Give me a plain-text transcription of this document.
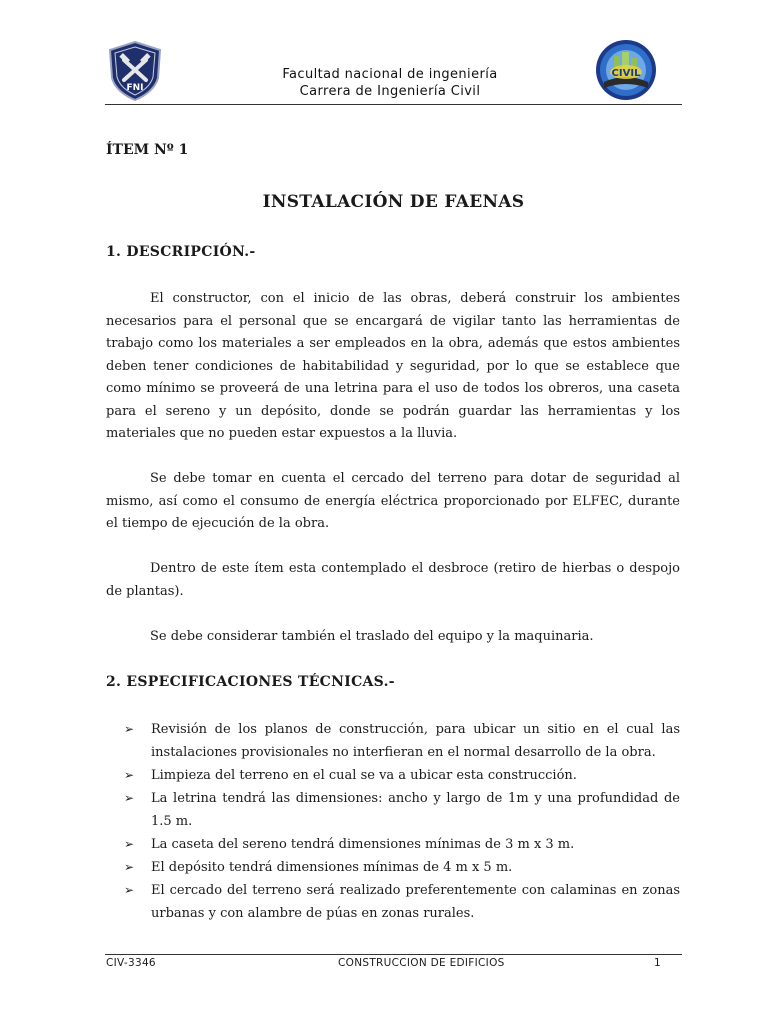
FNI
Facultad nacional de ingeniería
Carrera de Ingeniería Civil
CIVIL
ÍTEM Nº 1
INSTALACIÓN DE FAENAS
1. DESCRIPCIÓN.-

El constructor, con el inicio de las obras, deberá construir los ambientes necesarios para el personal que se encargará de vigilar tanto las herramientas de trabajo como los materiales a ser empleados en la obra, además que estos ambientes deben tener condiciones de habitabilidad y seguridad, por lo que se establece que como mínimo se proveerá de una letrina para el uso de todos los obreros, una caseta para el sereno y un depósito, donde se podrán guardar las herramientas y los materiales que no pueden estar expuestos a la lluvia.

Se debe tomar en cuenta el cercado del terreno para dotar de seguridad al mismo, así como el consumo de energía eléctrica proporcionado por ELFEC, durante el tiempo de ejecución de la obra.

Dentro de este ítem esta contemplado el desbroce (retiro de hierbas o despojo de plantas).

Se debe considerar también el traslado del equipo y la maquinaria.

2. ESPECIFICACIONES TÉCNICAS.-
➢ Revisión de los planos de construcción, para ubicar un sitio en el cual las instalaciones provisionales no interfieran en el normal desarrollo de la obra.
➢ Limpieza del terreno en el cual se va a ubicar esta construcción.
➢ La letrina tendrá las dimensiones: ancho y largo de 1m y una profundidad de 1.5 m.
➢ La caseta del sereno tendrá dimensiones mínimas de 3 m x 3 m.
➢ El depósito tendrá dimensiones mínimas de 4 m x 5 m.
➢ El cercado del terreno será realizado preferentemente con calaminas en zonas urbanas y con alambre de púas en zonas rurales.
CIV-3346	CONSTRUCCION DE EDIFICIOS	1
